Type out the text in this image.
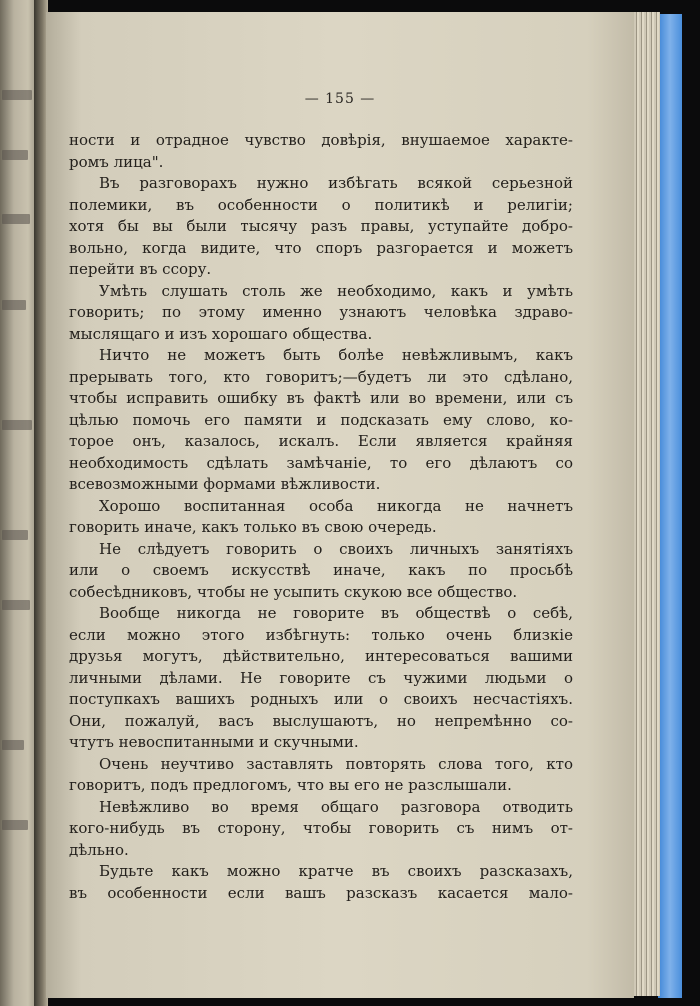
— 155 —
ности и отрадное чувство довѣрія, внушаемое характе-
ромъ лица".
Въ разговорахъ нужно избѣгать всякой серьезной
полемики, въ особенности о политикѣ и религіи;
хотя бы вы были тысячу разъ правы, уступайте добро-
вольно, когда видите, что споръ разгорается и можетъ
перейти въ ссору.
Умѣть слушать столь же необходимо, какъ и умѣть
говорить; по этому именно узнаютъ человѣка здраво-
мыслящаго и изъ хорошаго общества.
Ничто не можетъ быть болѣе невѣжливымъ, какъ
прерывать того, кто говоритъ;—будетъ ли это сдѣлано,
чтобы исправить ошибку въ фактѣ или во времени, или съ
цѣлью помочь его памяти и подсказать ему слово, ко-
торое онъ, казалось, искалъ. Если является крайняя
необходимость сдѣлать замѣчаніе, то его дѣлаютъ со
всевозможными формами вѣжливости.
Хорошо воспитанная особа никогда не начнетъ
говорить иначе, какъ только въ свою очередь.
Не слѣдуетъ говорить о своихъ личныхъ занятіяхъ
или о своемъ искусствѣ иначе, какъ по просьбѣ
собесѣдниковъ, чтобы не усыпить скукою все общество.
Вообще никогда не говорите въ обществѣ о себѣ,
если можно этого избѣгнуть: только очень близкіе
друзья могутъ, дѣйствительно, интересоваться вашими
личными дѣлами. Не говорите съ чужими людьми о
поступкахъ вашихъ родныхъ или о своихъ несчастіяхъ.
Они, пожалуй, васъ выслушаютъ, но непремѣнно со-
чтутъ невоспитанными и скучными.
Очень неучтиво заставлять повторять слова того, кто
говоритъ, подъ предлогомъ, что вы его не разслышали.
Невѣжливо во время общаго разговора отводить
кого-нибудь въ сторону, чтобы говорить съ нимъ от-
дѣльно.
Будьте какъ можно кратче въ своихъ разсказахъ,
въ особенности если вашъ разсказъ касается мало-
